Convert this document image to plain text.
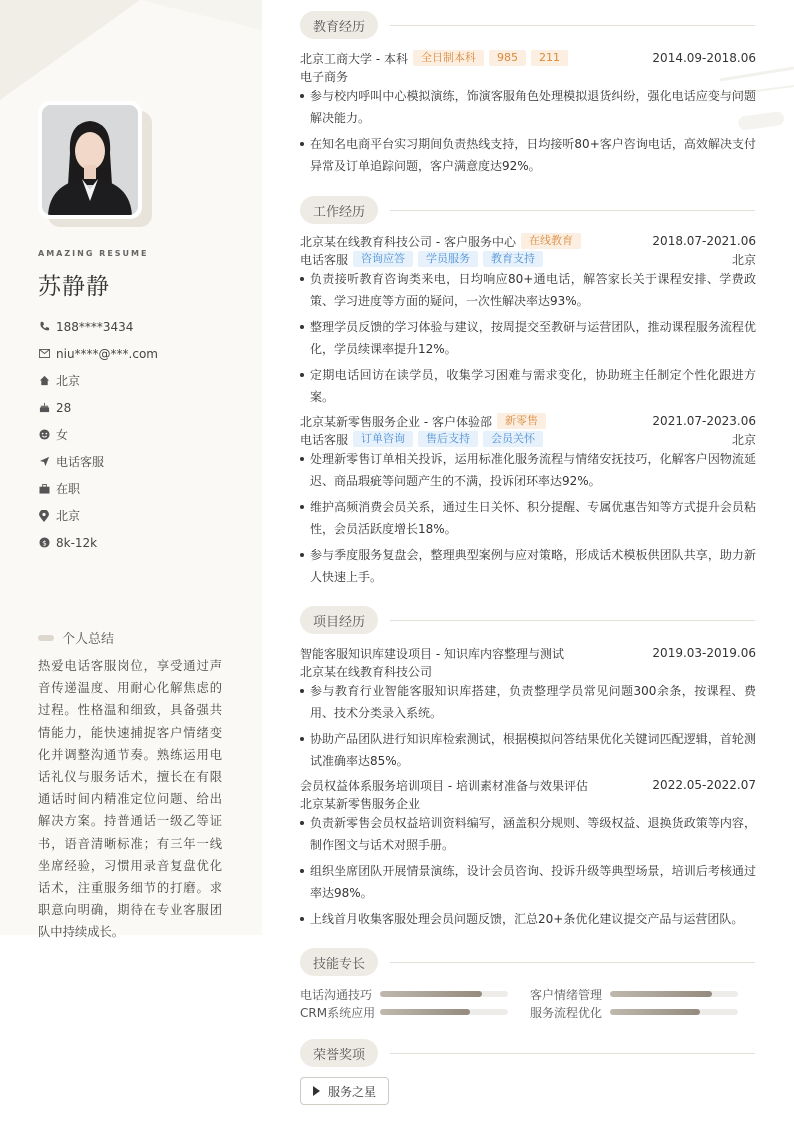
AMAZING RESUME
苏静静
188****3434
niu****@***.com
北京
28
女
电话客服
在职
北京
$ 8k-12k
个人总结
热爱电话客服岗位，享受通过声音传递温度、用耐心化解焦虑的过程。性格温和细致，具备强共情能力，能快速捕捉客户情绪变化并调整沟通节奏。熟练运用电话礼仪与服务话术，擅长在有限通话时间内精准定位问题、给出解决方案。持普通话一级乙等证书，语音清晰标准；有三年一线坐席经验，习惯用录音复盘优化话术，注重服务细节的打磨。求职意向明确，期待在专业客服团队中持续成长。
教育经历
北京工商大学 - 本科	全日制本科	985	211	2014.09-2018.06
电子商务
参与校内呼叫中心模拟演练，饰演客服角色处理模拟退货纠纷，强化电话应变与问题解决能力。
在知名电商平台实习期间负责热线支持，日均接听80+客户咨询电话，高效解决支付异常及订单追踪问题，客户满意度达92%。
工作经历
北京某在线教育科技公司 - 客户服务中心	在线教育	2018.07-2021.06
电话客服	咨询应答	学员服务	教育支持	北京
负责接听教育咨询类来电，日均响应80+通电话，解答家长关于课程安排、学费政策、学习进度等方面的疑问，一次性解决率达93%。
整理学员反馈的学习体验与建议，按周提交至教研与运营团队，推动课程服务流程优化，学员续课率提升12%。
定期电话回访在读学员，收集学习困难与需求变化，协助班主任制定个性化跟进方案。
北京某新零售服务企业 - 客户体验部	新零售	2021.07-2023.06
电话客服	订单咨询	售后支持	会员关怀	北京
处理新零售订单相关投诉，运用标准化服务流程与情绪安抚技巧，化解客户因物流延迟、商品瑕疵等问题产生的不满，投诉闭环率达92%。
维护高频消费会员关系，通过生日关怀、积分提醒、专属优惠告知等方式提升会员粘性，会员活跃度增长18%。
参与季度服务复盘会，整理典型案例与应对策略，形成话术模板供团队共享，助力新人快速上手。
项目经历
智能客服知识库建设项目 - 知识库内容整理与测试	2019.03-2019.06
北京某在线教育科技公司
参与教育行业智能客服知识库搭建，负责整理学员常见问题300余条，按课程、费用、技术分类录入系统。
协助产品团队进行知识库检索测试，根据模拟问答结果优化关键词匹配逻辑，首轮测试准确率达85%。
会员权益体系服务培训项目 - 培训素材准备与效果评估	2022.05-2022.07
北京某新零售服务企业
负责新零售会员权益培训资料编写，涵盖积分规则、等级权益、退换货政策等内容，制作图文与话术对照手册。
组织坐席团队开展情景演练，设计会员咨询、投诉升级等典型场景，培训后考核通过率达98%。
上线首月收集客服处理会员问题反馈，汇总20+条优化建议提交产品与运营团队。
技能专长
电话沟通技巧	客户情绪管理
CRM系统应用	服务流程优化
荣誉奖项
服务之星
